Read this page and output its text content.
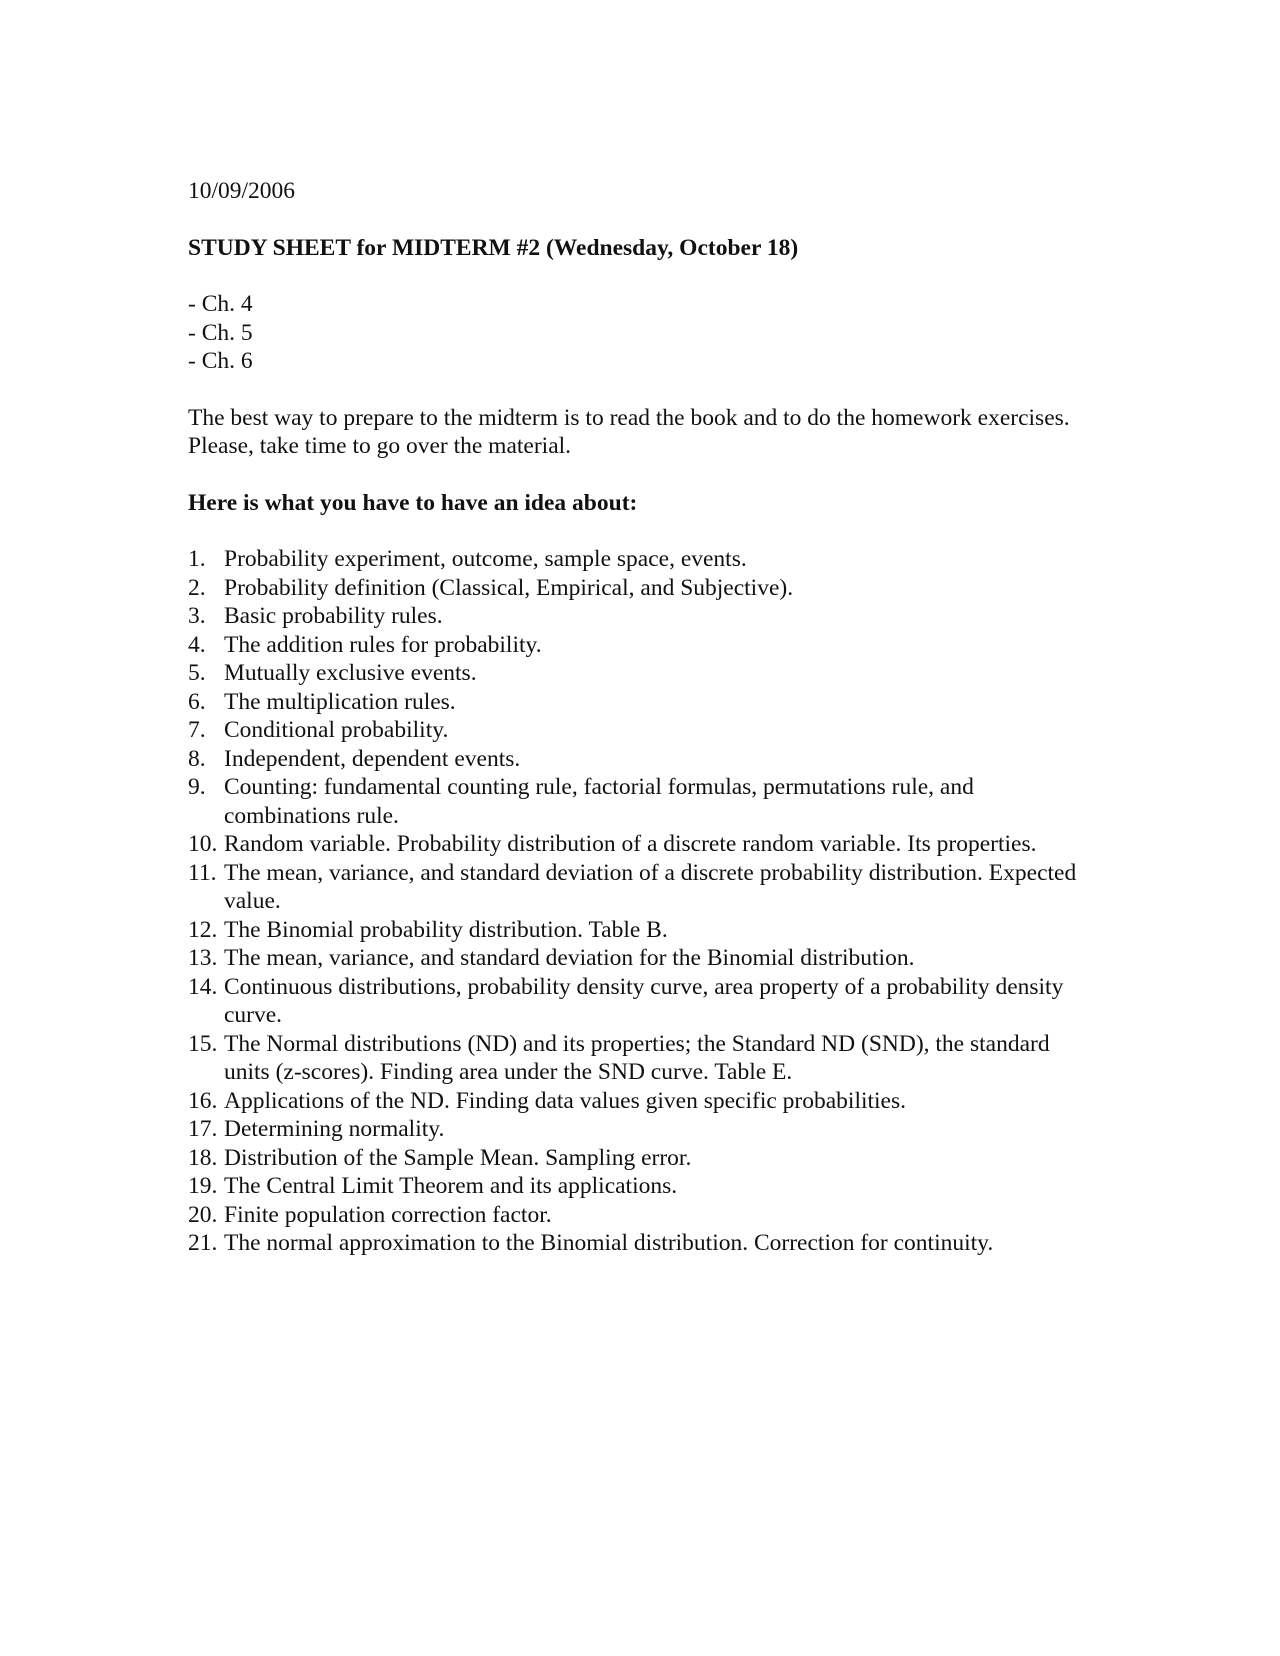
10/09/2006

STUDY SHEET for MIDTERM #2 (Wednesday, October 18)

- Ch. 4
- Ch. 5
- Ch. 6

The best way to prepare to the midterm is to read the book and to do the homework exercises. Please, take time to go over the material.

Here is what you have to have an idea about:

1. Probability experiment, outcome, sample space, events.
2. Probability definition (Classical, Empirical, and Subjective).
3. Basic probability rules.
4. The addition rules for probability.
5. Mutually exclusive events.
6. The multiplication rules.
7. Conditional probability.
8. Independent, dependent events.
9. Counting: fundamental counting rule, factorial formulas, permutations rule, and combinations rule.
10. Random variable. Probability distribution of a discrete random variable. Its properties.
11. The mean, variance, and standard deviation of a discrete probability distribution. Expected value.
12. The Binomial probability distribution. Table B.
13. The mean, variance, and standard deviation for the Binomial distribution.
14. Continuous distributions, probability density curve, area property of a probability density curve.
15. The Normal distributions (ND) and its properties; the Standard ND (SND), the standard units (z-scores). Finding area under the SND curve. Table E.
16. Applications of the ND. Finding data values given specific probabilities.
17. Determining normality.
18. Distribution of the Sample Mean. Sampling error.
19. The Central Limit Theorem and its applications.
20. Finite population correction factor.
21. The normal approximation to the Binomial distribution. Correction for continuity.
